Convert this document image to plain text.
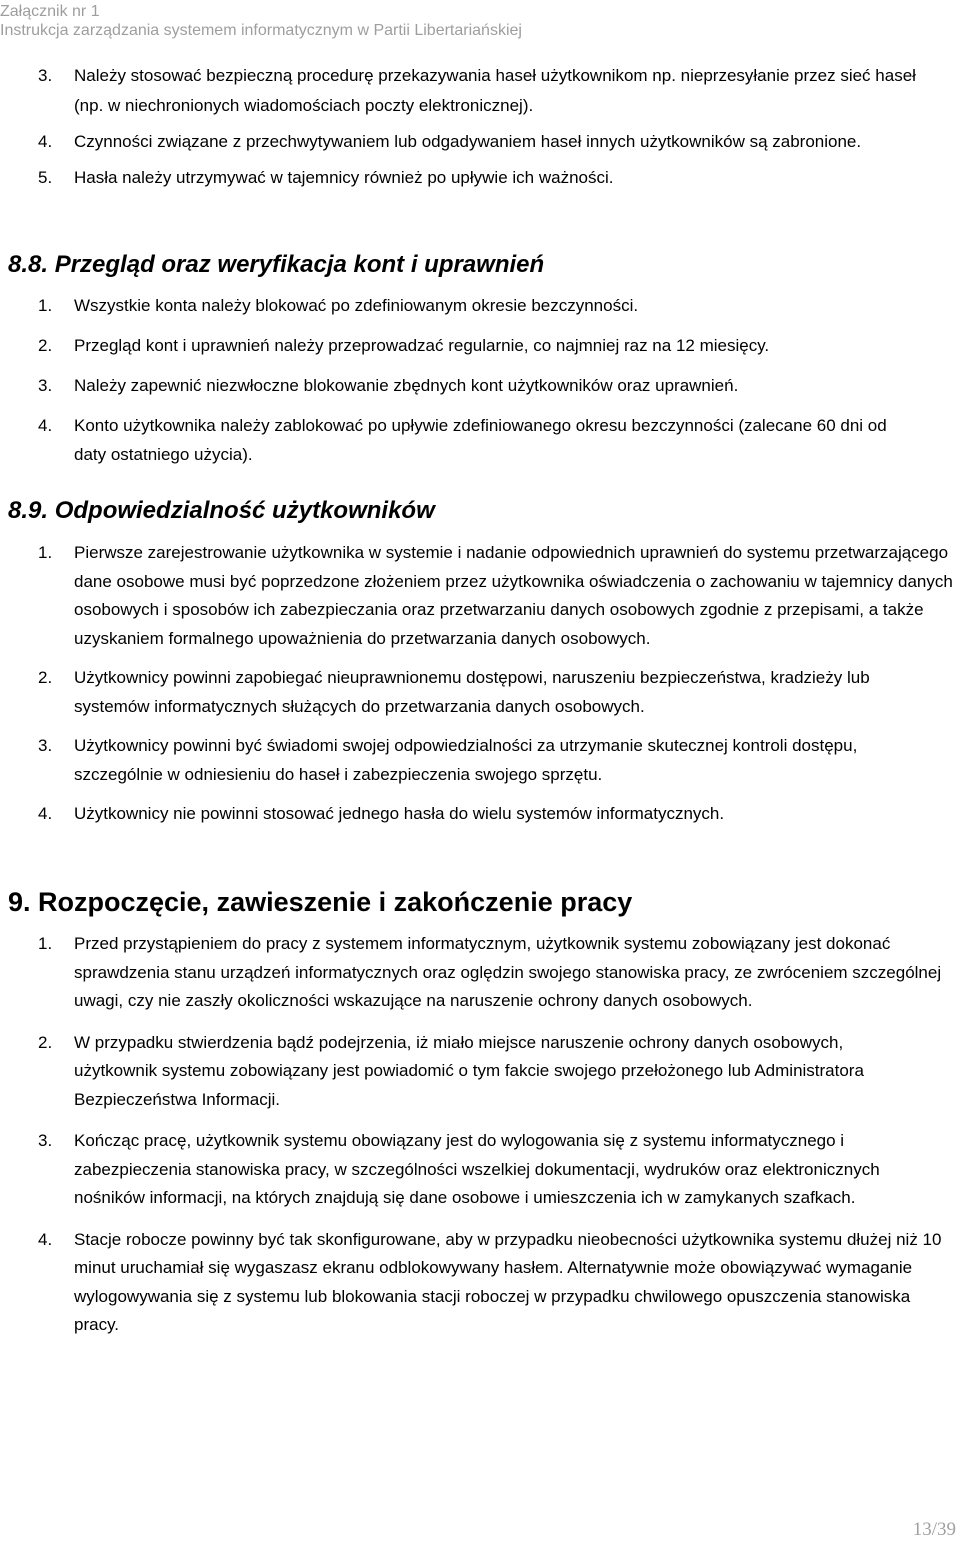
Załącznik nr 1
Instrukcja zarządzania systemem informatycznym w Partii Libertariańskiej
3. Należy stosować bezpieczną procedurę przekazywania haseł użytkownikom np. nieprzesyłanie przez sieć haseł (np. w niechronionych wiadomościach poczty elektronicznej).
4. Czynności związane z przechwytywaniem lub odgadywaniem haseł innych użytkowników są zabronione.
5. Hasła należy utrzymywać w tajemnicy również po upływie ich ważności.
8.8. Przegląd oraz weryfikacja kont i uprawnień
1. Wszystkie konta należy blokować po zdefiniowanym okresie bezczynności.
2. Przegląd kont i uprawnień należy przeprowadzać regularnie, co najmniej raz na 12 miesięcy.
3. Należy zapewnić niezwłoczne blokowanie zbędnych kont użytkowników oraz uprawnień.
4. Konto użytkownika należy zablokować po upływie zdefiniowanego okresu bezczynności (zalecane 60 dni od daty ostatniego użycia).
8.9. Odpowiedzialność użytkowników
1. Pierwsze zarejestrowanie użytkownika w systemie i nadanie odpowiednich uprawnień do systemu przetwarzającego dane osobowe musi być poprzedzone złożeniem przez użytkownika oświadczenia o zachowaniu w tajemnicy danych osobowych i sposobów ich zabezpieczania oraz przetwarzaniu danych osobowych zgodnie z przepisami, a także uzyskaniem formalnego upoważnienia do przetwarzania danych osobowych.
2. Użytkownicy powinni zapobiegać nieuprawnionemu dostępowi, naruszeniu bezpieczeństwa, kradzieży lub systemów informatycznych służących do przetwarzania danych osobowych.
3. Użytkownicy powinni być świadomi swojej odpowiedzialności za utrzymanie skutecznej kontroli dostępu, szczególnie w odniesieniu do haseł i zabezpieczenia swojego sprzętu.
4. Użytkownicy nie powinni stosować jednego hasła do wielu systemów informatycznych.
9. Rozpoczęcie, zawieszenie i zakończenie pracy
1. Przed przystąpieniem do pracy z systemem informatycznym, użytkownik systemu zobowiązany jest dokonać sprawdzenia stanu urządzeń informatycznych oraz oględzin swojego stanowiska pracy, ze zwróceniem szczególnej uwagi, czy nie zaszły okoliczności wskazujące na naruszenie ochrony danych osobowych.
2. W przypadku stwierdzenia bądź podejrzenia, iż miało miejsce naruszenie ochrony danych osobowych, użytkownik systemu zobowiązany jest powiadomić o tym fakcie swojego przełożonego lub Administratora Bezpieczeństwa Informacji.
3. Kończąc pracę, użytkownik systemu obowiązany jest do wylogowania się z systemu informatycznego i zabezpieczenia stanowiska pracy, w szczególności wszelkiej dokumentacji, wydruków oraz elektronicznych nośników informacji, na których znajdują się dane osobowe i umieszczenia ich w zamykanych szafkach.
4. Stacje robocze powinny być tak skonfigurowane, aby w przypadku nieobecności użytkownika systemu dłużej niż 10 minut uruchamiał się wygaszasz ekranu odblokowywany hasłem. Alternatywnie może obowiązywać wymaganie wylogowywania się z systemu lub blokowania stacji roboczej w przypadku chwilowego opuszczenia stanowiska pracy.
13/39
